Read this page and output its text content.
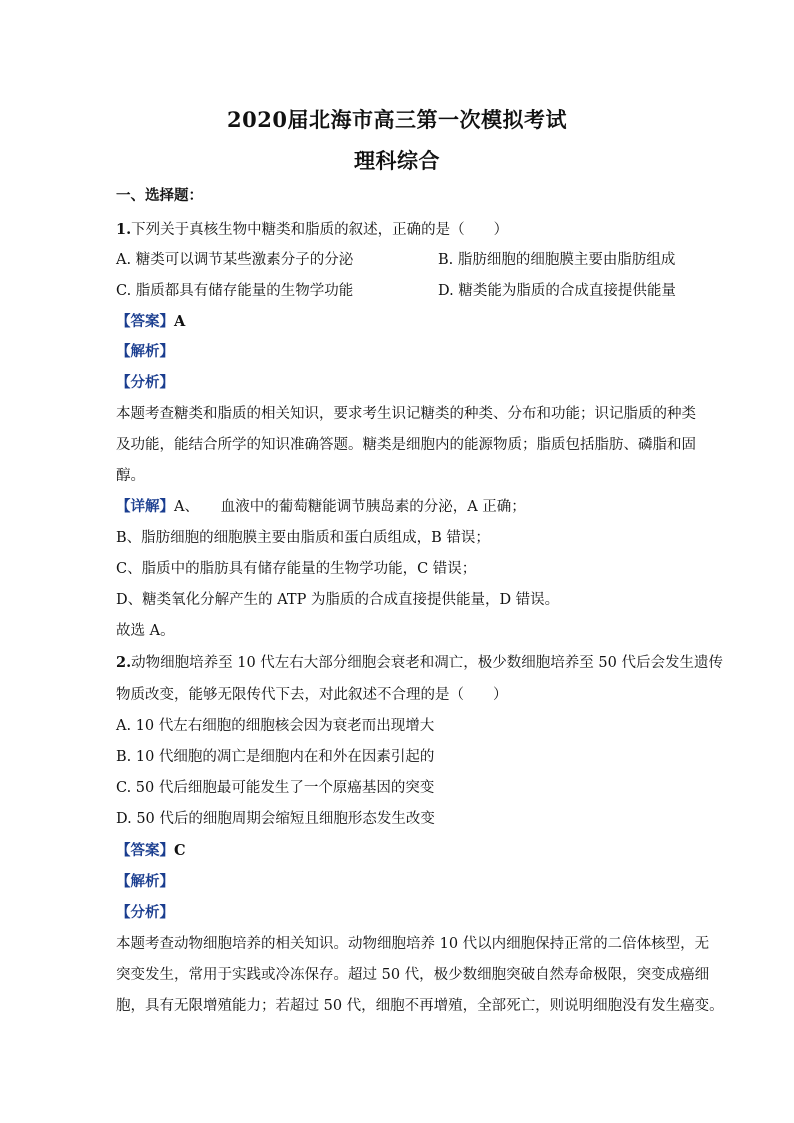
2020届北海市高三第一次模拟考试
理科综合
一、选择题：
1.下列关于真核生物中糖类和脂质的叙述，正确的是（　　）
A. 糖类可以调节某些激素分子的分泌	B. 脂肪细胞的细胞膜主要由脂肪组成
C. 脂质都具有储存能量的生物学功能	D. 糖类能为脂质的合成直接提供能量
【答案】A
【解析】
【分析】
本题考查糖类和脂质的相关知识，要求考生识记糖类的种类、分布和功能；识记脂质的种类
及功能，能结合所学的知识准确答题。糖类是细胞内的能源物质；脂质包括脂肪、磷脂和固
醇。
【详解】A、　　血液中的葡萄糖能调节胰岛素的分泌，A 正确；
B、脂肪细胞的细胞膜主要由脂质和蛋白质组成，B 错误；
C、脂质中的脂肪具有储存能量的生物学功能，C 错误；
D、糖类氧化分解产生的 ATP 为脂质的合成直接提供能量，D 错误。
故选 A。
2.动物细胞培养至 10 代左右大部分细胞会衰老和凋亡，极少数细胞培养至 50 代后会发生遗传
物质改变，能够无限传代下去，对此叙述不合理的是（　　）
A. 10 代左右细胞的细胞核会因为衰老而出现增大
B. 10 代细胞的凋亡是细胞内在和外在因素引起的
C. 50 代后细胞最可能发生了一个原癌基因的突变
D. 50 代后的细胞周期会缩短且细胞形态发生改变
【答案】C
【解析】
【分析】
本题考查动物细胞培养的相关知识。动物细胞培养 10 代以内细胞保持正常的二倍体核型，无
突变发生，常用于实践或冷冻保存。超过 50 代，极少数细胞突破自然寿命极限，突变成癌细
胞，具有无限增殖能力；若超过 50 代，细胞不再增殖，全部死亡，则说明细胞没有发生癌变。
